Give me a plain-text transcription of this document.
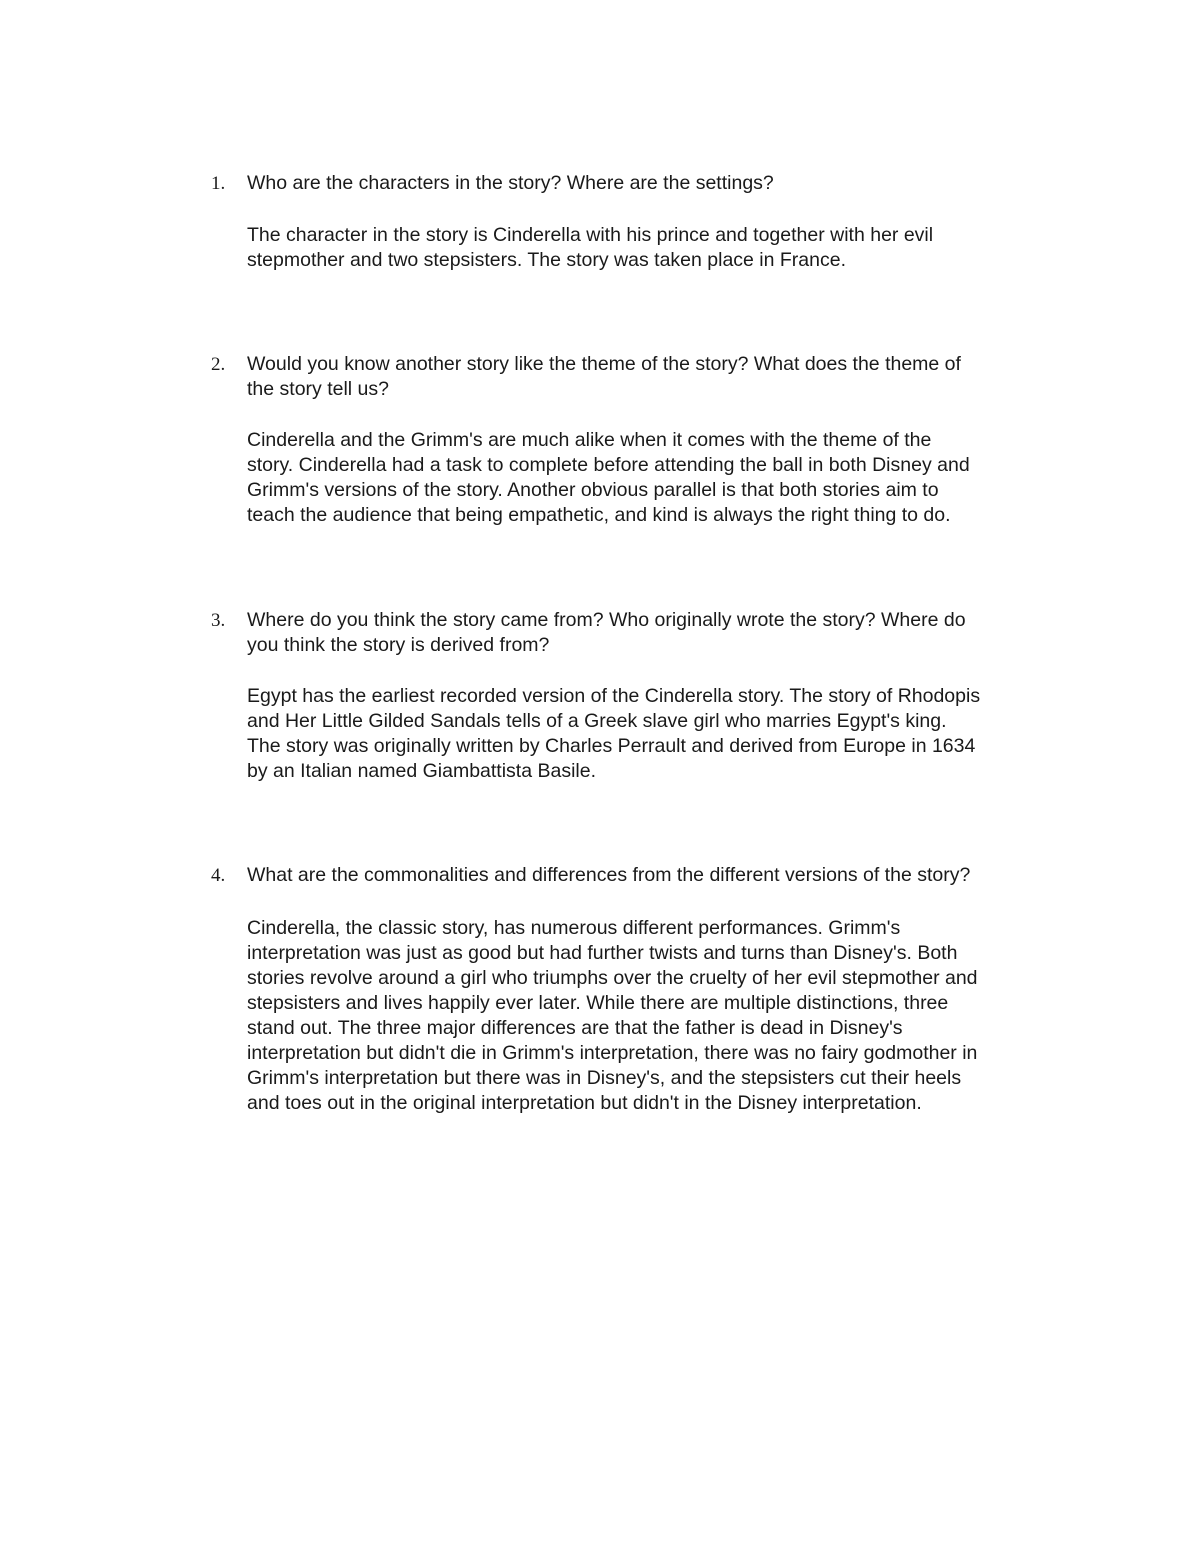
1. Who are the characters in the story? Where are the settings?
The character in the story is Cinderella with his prince and together with her evil
stepmother and two stepsisters. The story was taken place in France.
2. Would you know another story like the theme of the story? What does the theme of
the story tell us?
Cinderella and the Grimm's are much alike when it comes with the theme of the
story. Cinderella had a task to complete before attending the ball in both Disney and
Grimm's versions of the story. Another obvious parallel is that both stories aim to
teach the audience that being empathetic, and kind is always the right thing to do.
3. Where do you think the story came from? Who originally wrote the story? Where do
you think the story is derived from?
Egypt has the earliest recorded version of the Cinderella story. The story of Rhodopis
and Her Little Gilded Sandals tells of a Greek slave girl who marries Egypt's king.
The story was originally written by Charles Perrault and derived from Europe in 1634
by an Italian named Giambattista Basile.
4. What are the commonalities and differences from the different versions of the story?
Cinderella, the classic story, has numerous different performances. Grimm's
interpretation was just as good but had further twists and turns than Disney's. Both
stories revolve around a girl who triumphs over the cruelty of her evil stepmother and
stepsisters and lives happily ever later. While there are multiple distinctions, three
stand out. The three major differences are that the father is dead in Disney's
interpretation but didn't die in Grimm's interpretation, there was no fairy godmother in
Grimm's interpretation but there was in Disney's, and the stepsisters cut their heels
and toes out in the original interpretation but didn't in the Disney interpretation.
